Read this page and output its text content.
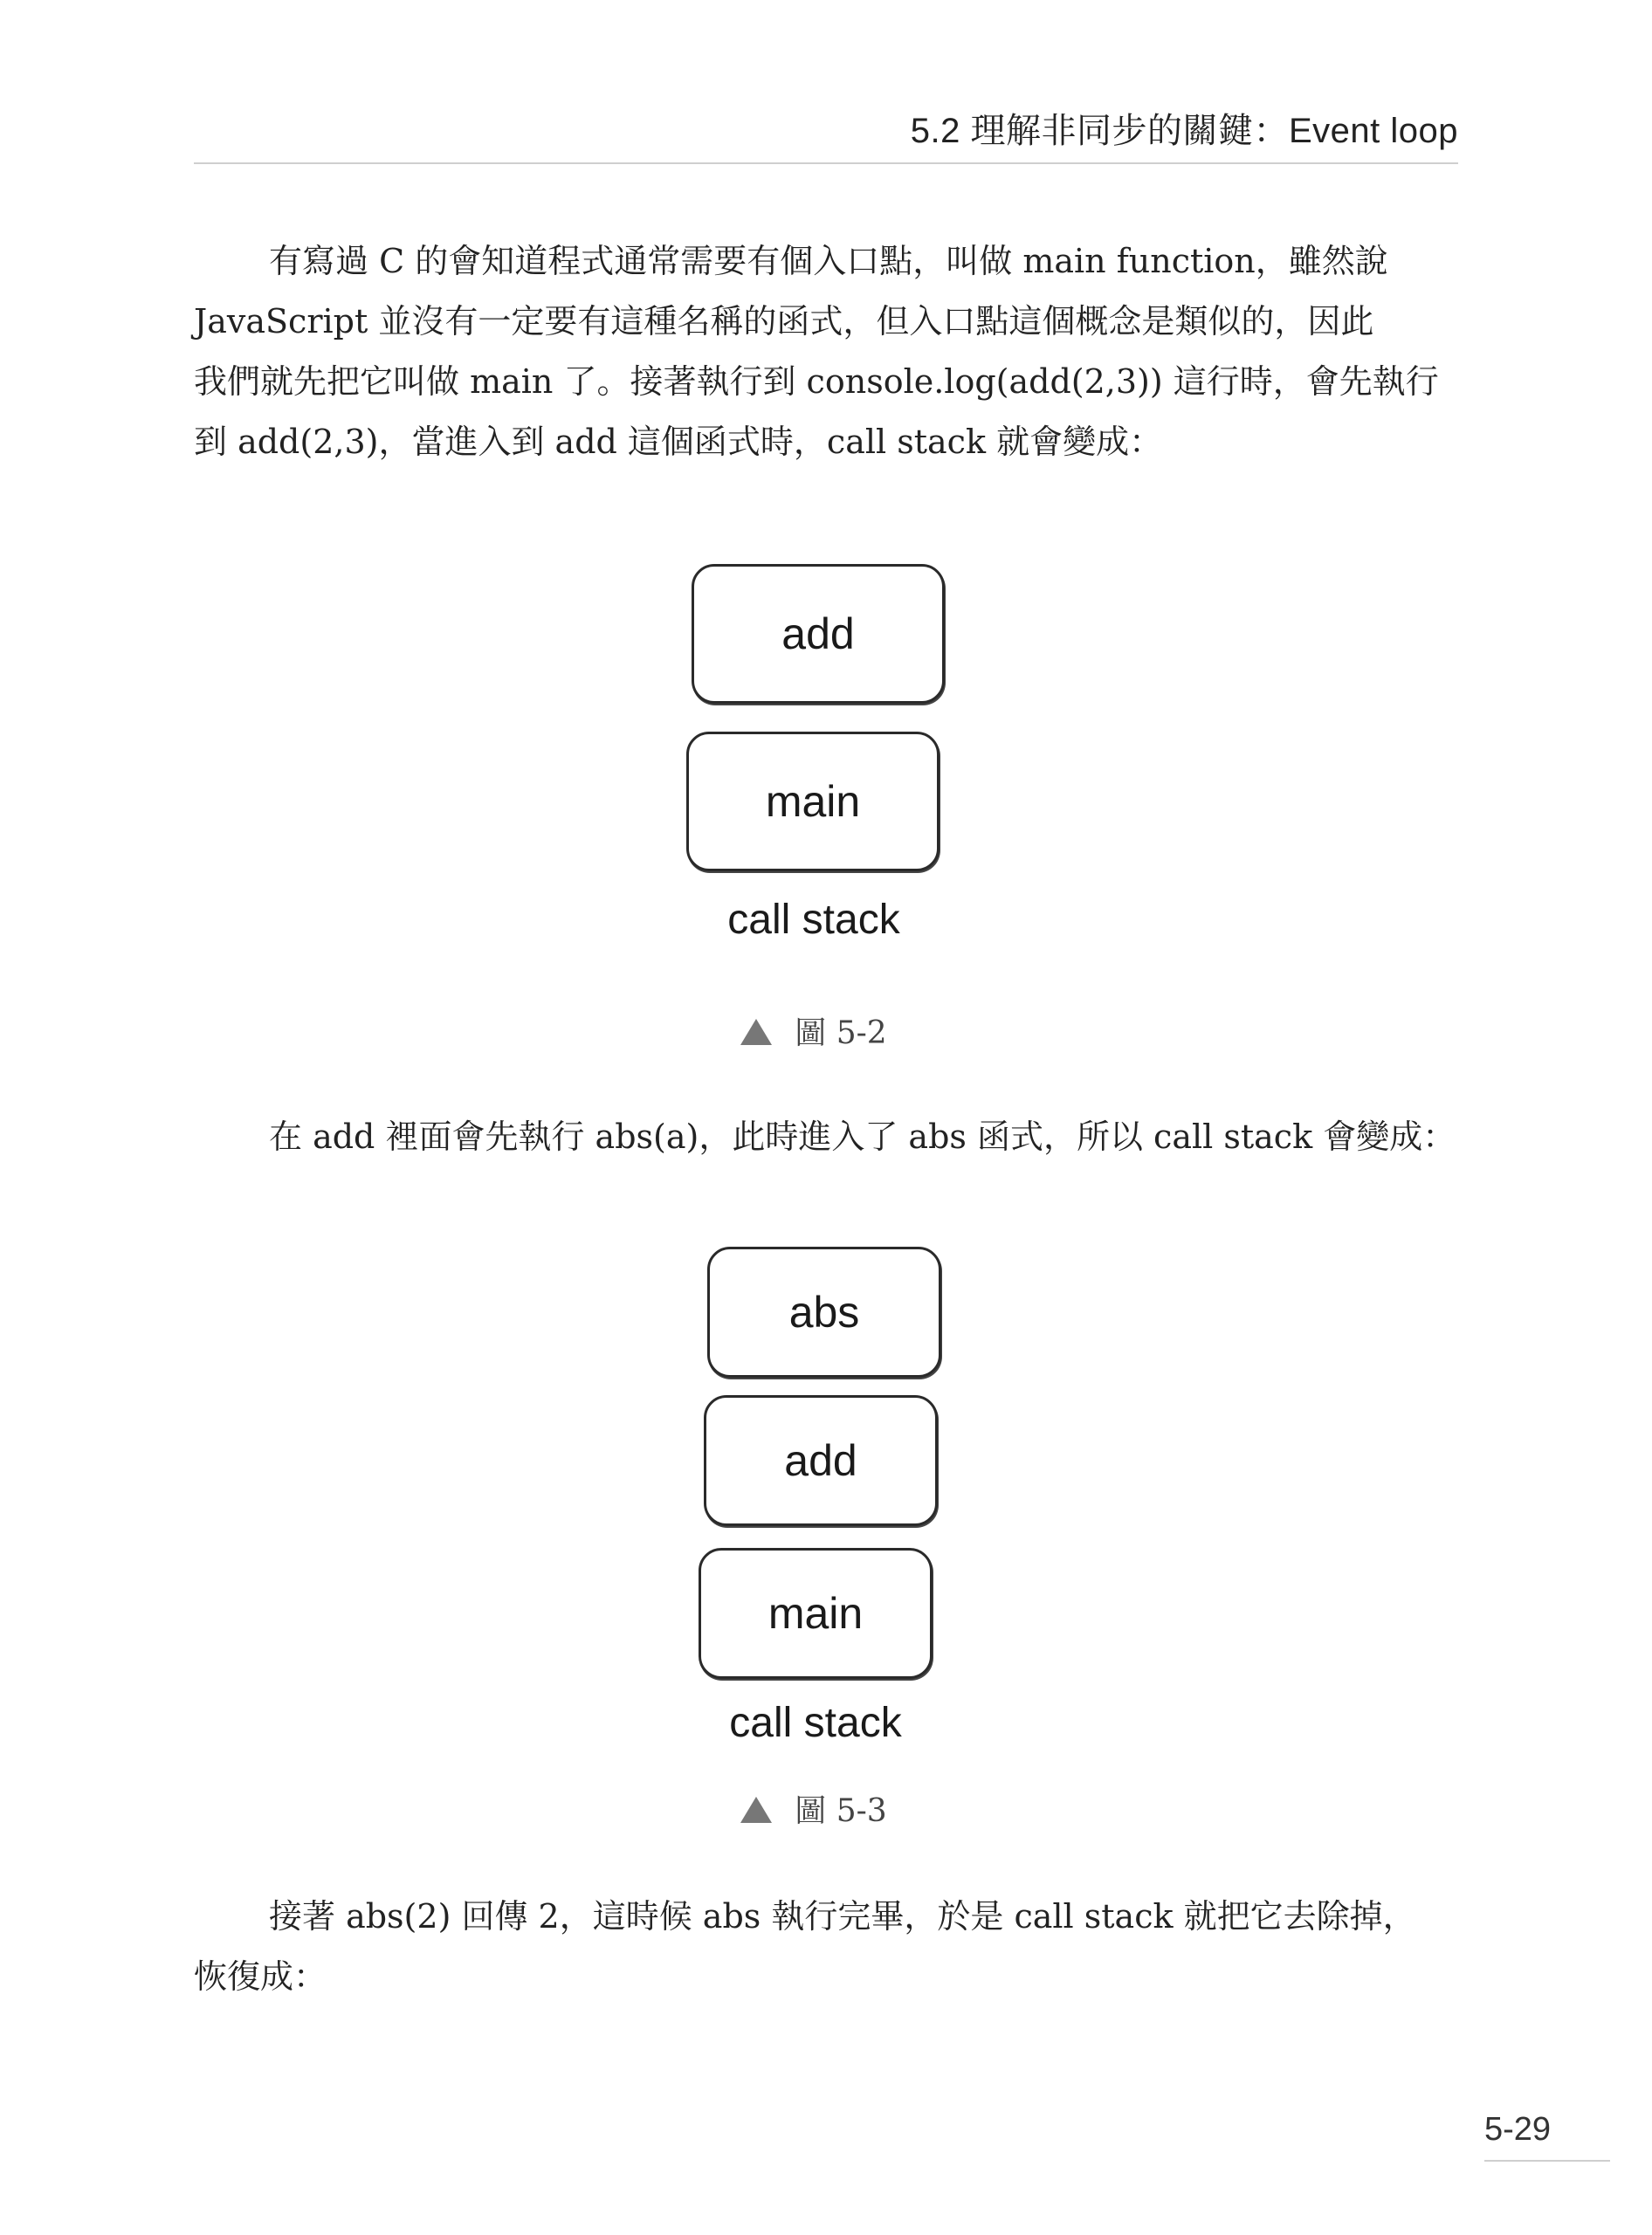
5.2 理解非同步的關鍵：Event loop

有寫過 C 的會知道程式通常需要有個入口點，叫做 main function，雖然說
JavaScript 並沒有一定要有這種名稱的函式，但入口點這個概念是類似的，因此
我們就先把它叫做 main 了。接著執行到 console.log(add(2,3)) 這行時，會先執行
到 add(2,3)，當進入到 add 這個函式時，call stack 就會變成：

add
main
call stack
圖 5-2

在 add 裡面會先執行 abs(a)，此時進入了 abs 函式，所以 call stack 會變成：

abs
add
main
call stack
圖 5-3

接著 abs(2) 回傳 2，這時候 abs 執行完畢，於是 call stack 就把它去除掉，
恢復成：

5-29
